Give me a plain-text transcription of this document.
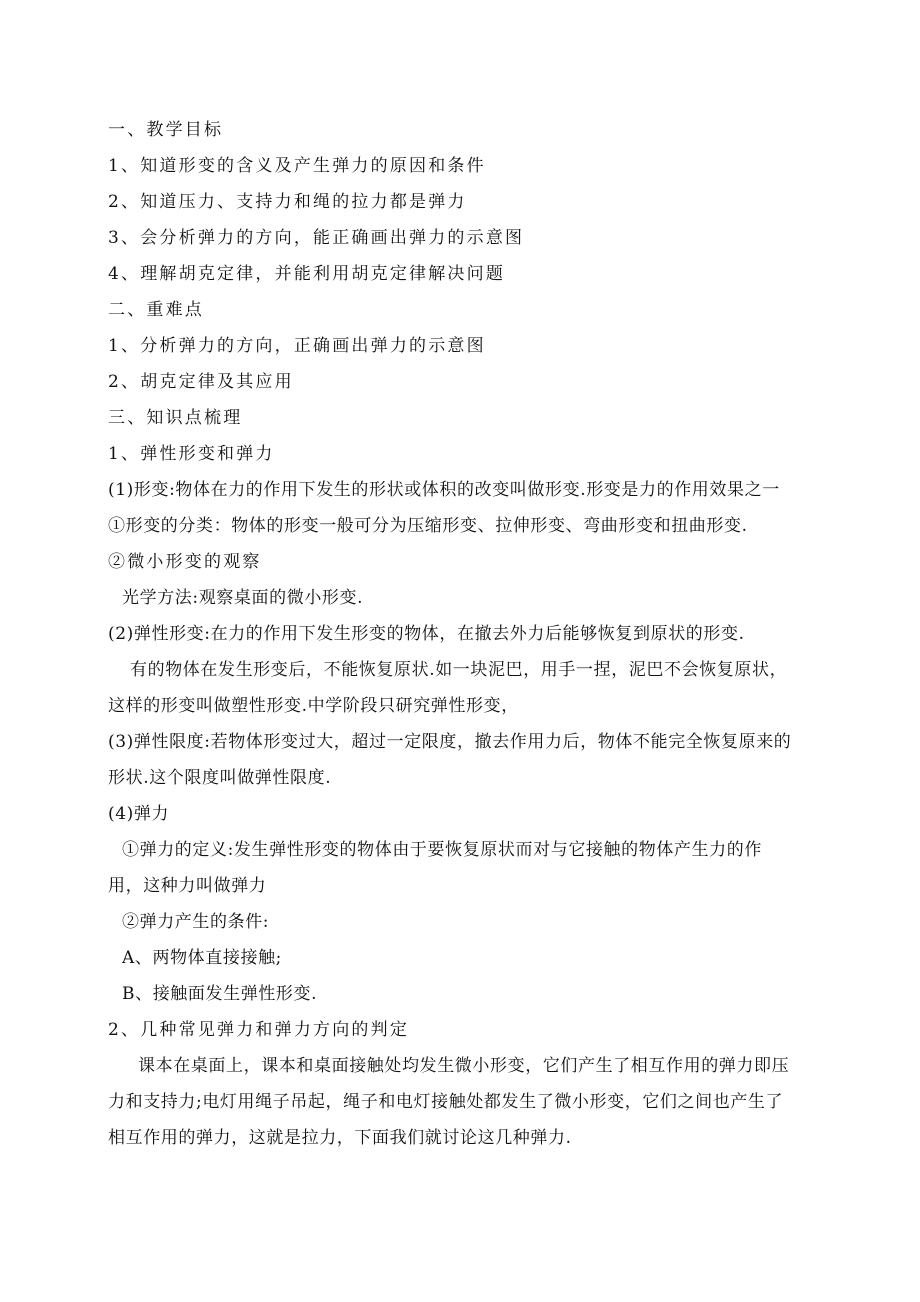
一、教学目标
1、知道形变的含义及产生弹力的原因和条件
2、知道压力、支持力和绳的拉力都是弹力
3、会分析弹力的方向，能正确画出弹力的示意图
4、理解胡克定律，并能利用胡克定律解决问题
二、重难点
1、分析弹力的方向，正确画出弹力的示意图
2、胡克定律及其应用
三、知识点梳理
1、弹性形变和弹力
(1)形变:物体在力的作用下发生的形状或体积的改变叫做形变.形变是力的作用效果之一
①形变的分类：物体的形变一般可分为压缩形变、拉伸形变、弯曲形变和扭曲形变.
②微小形变的观察
光学方法:观察桌面的微小形变.
(2)弹性形变:在力的作用下发生形变的物体，在撤去外力后能够恢复到原状的形变.
有的物体在发生形变后，不能恢复原状.如一块泥巴，用手一捏，泥巴不会恢复原状，
这样的形变叫做塑性形变.中学阶段只研究弹性形变，
(3)弹性限度:若物体形变过大，超过一定限度，撤去作用力后，物体不能完全恢复原来的
形状.这个限度叫做弹性限度.
(4)弹力
①弹力的定义:发生弹性形变的物体由于要恢复原状而对与它接触的物体产生力的作
用，这种力叫做弹力
②弹力产生的条件:
A、两物体直接接触;
B、接触面发生弹性形变.
2、几种常见弹力和弹力方向的判定
课本在桌面上，课本和桌面接触处均发生微小形变，它们产生了相互作用的弹力即压
力和支持力;电灯用绳子吊起，绳子和电灯接触处都发生了微小形变，它们之间也产生了
相互作用的弹力，这就是拉力，下面我们就讨论这几种弹力.
